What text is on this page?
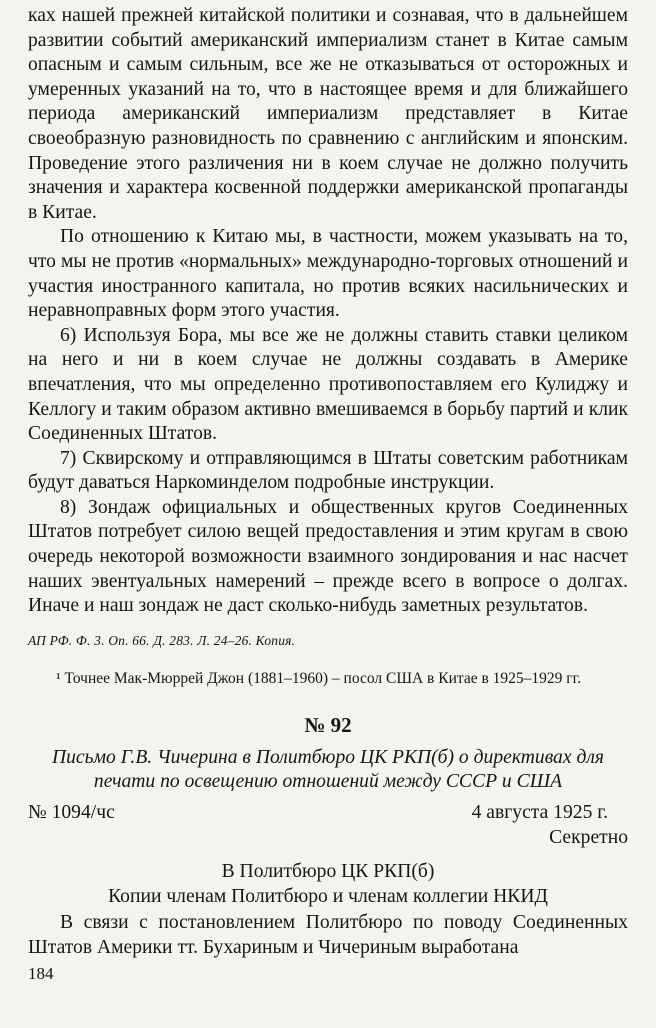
ках нашей прежней китайской политики и сознавая, что в дальнейшем развитии событий американский империализм станет в Китае самым опасным и самым сильным, все же не отказываться от осторожных и умеренных указаний на то, что в настоящее время и для ближайшего периода американский империализм представляет в Китае своеобразную разновидность по сравнению с английским и японским. Проведение этого различения ни в коем случае не должно получить значения и характера косвенной поддержки американской пропаганды в Китае.

По отношению к Китаю мы, в частности, можем указывать на то, что мы не против «нормальных» международно-торговых отношений и участия иностранного капитала, но против всяких насильнических и неравноправных форм этого участия.

6) Используя Бора, мы все же не должны ставить ставки целиком на него и ни в коем случае не должны создавать в Америке впечатления, что мы определенно противопоставляем его Кулиджу и Келлогу и таким образом активно вмешиваемся в борьбу партий и клик Соединенных Штатов.

7) Сквирскому и отправляющимся в Штаты советским работникам будут даваться Наркоминделом подробные инструкции.

8) Зондаж официальных и общественных кругов Соединенных Штатов потребует силою вещей предоставления и этим кругам в свою очередь некоторой возможности взаимного зондирования и нас насчет наших эвентуальных намерений – прежде всего в вопросе о долгах. Иначе и наш зондаж не даст сколько-нибудь заметных результатов.

АП РФ. Ф. 3. Оп. 66. Д. 283. Л. 24–26. Копия.
¹ Точнее Мак-Мюррей Джон (1881–1960) – посол США в Китае в 1925–1929 гг.
№ 92
Письмо Г.В. Чичерина в Политбюро ЦК РКП(б) о директивах для печати по освещению отношений между СССР и США
№ 1094/чс	4 августа 1925 г.
Секретно
В Политбюро ЦК РКП(б)
Копии членам Политбюро и членам коллегии НКИД
В связи с постановлением Политбюро по поводу Соединенных Штатов Америки тт. Бухариным и Чичериным выработана
184
